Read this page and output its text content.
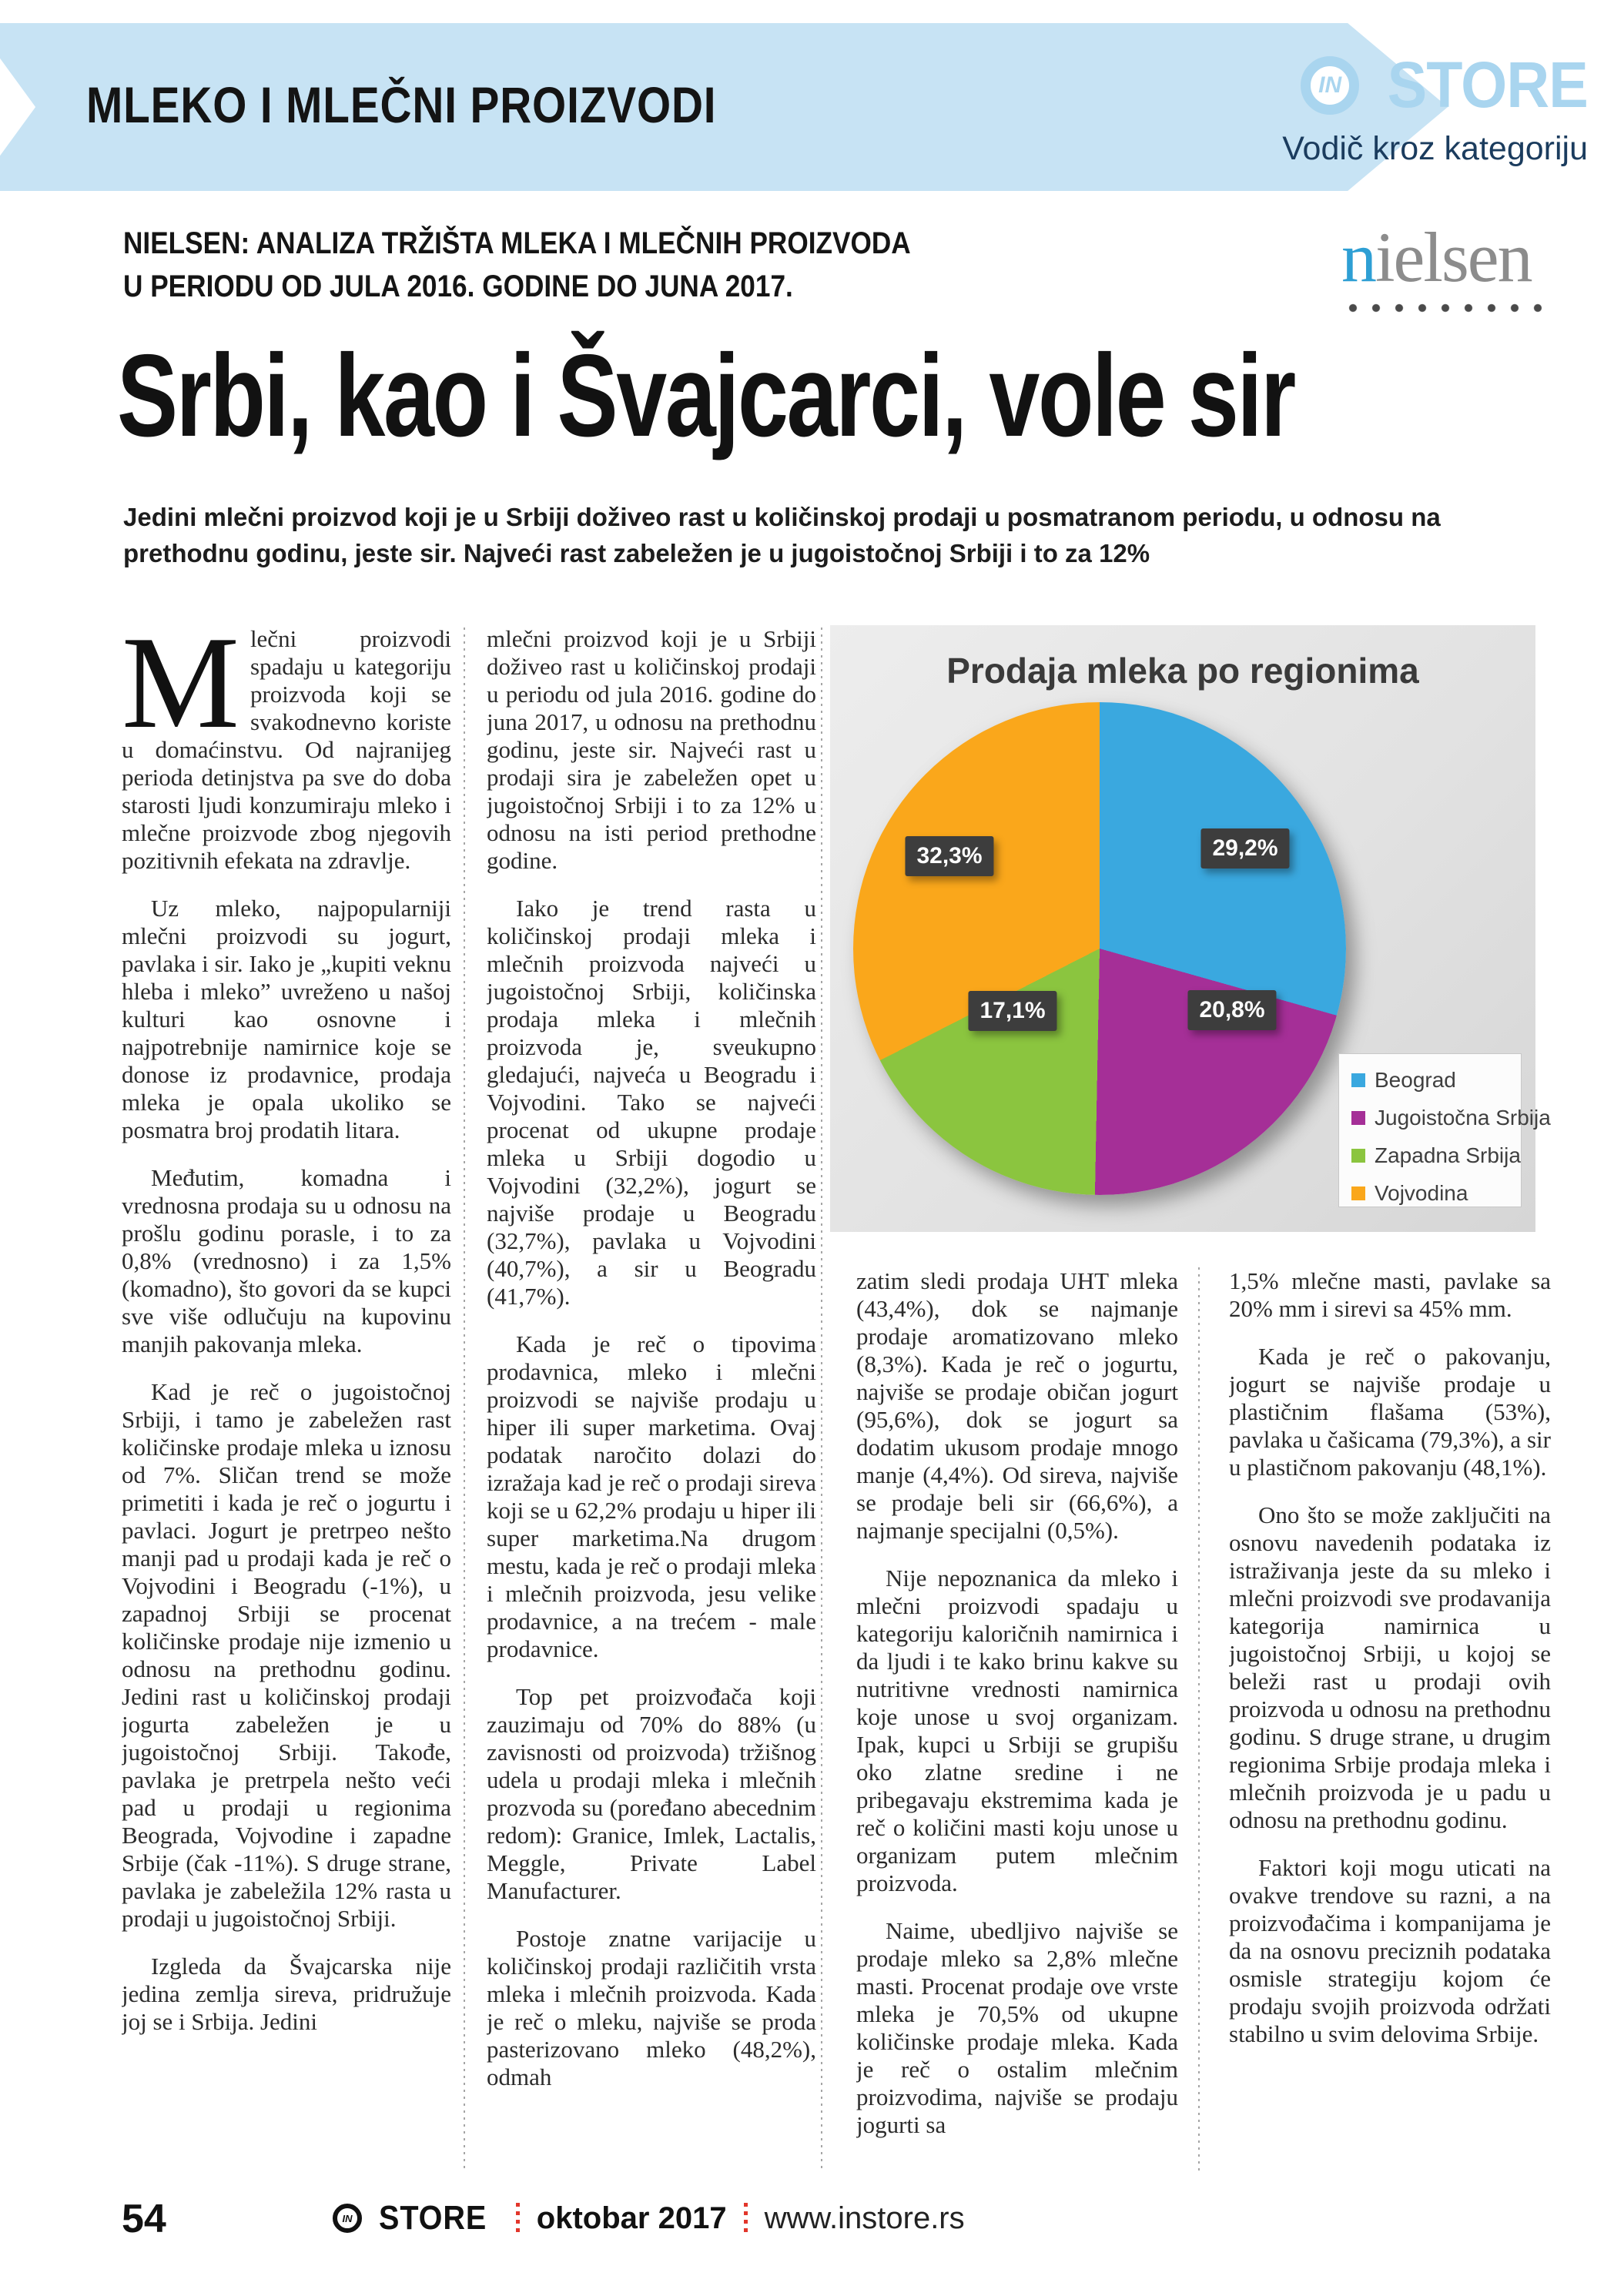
MLEKO I MLEČNI PROIZVODI	IN STORE
Vodič kroz kategoriju
NIELSEN: ANALIZA TRŽIŠTA MLEKA I MLEČNIH PROIZVODA
U PERIODU OD JULA 2016. GODINE DO JUNA 2017.	nielsen
Srbi, kao i Švajcarci, vole sir
Jedini mlečni proizvod koji je u Srbiji doživeo rast u količinskoj prodaji u posmatranom periodu, u odnosu na prethodnu godinu, jeste sir. Najveći rast zabeležen je u jugoistočnoj Srbiji i to za 12%

Mlečni proizvodi spadaju u kategoriju proizvoda koji se svakodnevno koriste u domaćinstvu. Od najranijeg perioda detinjstva pa sve do doba starosti ljudi konzumiraju mleko i mlečne proizvode zbog njegovih pozitivnih efekata na zdravlje.

Uz mleko, najpopularniji mlečni proizvodi su jogurt, pavlaka i sir. Iako je „kupiti veknu hleba i mleko” uvreženo u našoj kulturi kao osnovne i najpotrebnije namirnice koje se donose iz prodavnice, prodaja mleka je opala ukoliko se posmatra broj prodatih litara.

Međutim, komadna i vrednosna prodaja su u odnosu na prošlu godinu porasle, i to za 0,8% (vrednosno) i za 1,5% (komadno), što govori da se kupci sve više odlučuju na kupovinu manjih pakovanja mleka.

Kad je reč o jugoistočnoj Srbiji, i tamo je zabeležen rast količinske prodaje mleka u iznosu od 7%. Sličan trend se može primetiti i kada je reč o jogurtu i pavlaci. Jogurt je pretrpeo nešto manji pad u prodaji kada je reč o Vojvodini i Beogradu (-1%), u zapadnoj Srbiji se procenat količinske prodaje nije izmenio u odnosu na prethodnu godinu. Jedini rast u količinskoj prodaji jogurta zabeležen je u jugoistočnoj Srbiji. Takođe, pavlaka je pretrpela nešto veći pad u prodaji u regionima Beograda, Vojvodine i zapadne Srbije (čak -11%). S druge strane, pavlaka je zabeležila 12% rasta u prodaji u jugoistočnoj Srbiji.

Izgleda da Švajcarska nije jedina zemlja sireva, pridružuje joj se i Srbija. Jedini

mlečni proizvod koji je u Srbiji doživeo rast u količinskoj prodaji u periodu od jula 2016. godine do juna 2017, u odnosu na prethodnu godinu, jeste sir. Najveći rast u prodaji sira je zabeležen opet u jugoistočnoj Srbiji i to za 12% u odnosu na isti period prethodne godine.

Iako je trend rasta u količinskoj prodaji mleka i mlečnih proizvoda najveći u jugoistočnoj Srbiji, količinska prodaja mleka i mlečnih proizvoda je, sveukupno gledajući, najveća u Beogradu i Vojvodini. Tako se najveći procenat od ukupne prodaje mleka u Srbiji dogodio u Vojvodini (32,2%), jogurt se najviše prodaje u Beogradu (32,7%), pavlaka u Vojvodini (40,7%), a sir u Beogradu (41,7%).

Kada je reč o tipovima prodavnica, mleko i mlečni proizvodi se najviše prodaju u hiper ili super marketima. Ovaj podatak naročito dolazi do izražaja kad je reč o prodaji sireva koji se u 62,2% prodaju u hiper ili super marketima.Na drugom mestu, kada je reč o prodaji mleka i mlečnih proizvoda, jesu velike prodavnice, a na trećem - male prodavnice.

Top pet proizvođača koji zauzimaju od 70% do 88% (u zavisnosti od proizvoda) tržišnog udela u prodaji mleka i mlečnih prozvoda su (poređano abecednim redom): Granice, Imlek, Lactalis, Meggle, Private Label Manufacturer.

Postoje znatne varijacije u količinskoj prodaji različitih vrsta mleka i mlečnih proizvoda. Kada je reč o mleku, najviše se proda pasterizovano mleko (48,2%), odmah

zatim sledi prodaja UHT mleka (43,4%), dok se najmanje prodaje aromatizovano mleko (8,3%). Kada je reč o jogurtu, najviše se prodaje običan jogurt (95,6%), dok se jogurt sa dodatim ukusom prodaje mnogo manje (4,4%). Od sireva, najviše se prodaje beli sir (66,6%), a najmanje specijalni (0,5%).

Nije nepoznanica da mleko i mlečni proizvodi spadaju u kategoriju kaloričnih namirnica i da ljudi i te kako brinu kakve su nutritivne vrednosti namirnica koje unose u svoj organizam. Ipak, kupci u Srbiji se grupišu oko zlatne sredine i ne pribegavaju ekstremima kada je reč o količini masti koju unose u organizam putem mlečnim proizvoda.

Naime, ubedljivo najviše se prodaje mleko sa 2,8% mlečne masti. Procenat prodaje ove vrste mleka je 70,5% od ukupne količinske prodaje mleka. Kada je reč o ostalim mlečnim proizvodima, najviše se prodaju jogurti sa

1,5% mlečne masti, pavlake sa 20% mm i sirevi sa 45% mm.

Kada je reč o pakovanju, jogurt se najviše prodaje u plastičnim flašama (53%), pavlaka u čašicama (79,3%), a sir u plastičnom pakovanju (48,1%).

Ono što se može zaključiti na osnovu navedenih podataka iz istraživanja jeste da su mleko i mlečni proizvodi sve prodavanija kategorija namirnica u jugoistočnoj Srbiji, u kojoj se beleži rast u prodaji ovih proizvoda u odnosu na prethodnu godinu. S druge strane, u drugim regionima Srbije prodaja mleka i mlečnih proizvoda je u padu u odnosu na prethodnu godinu.

Faktori koji mogu uticati na ovakve trendove su razni, a na proizvođačima i kompanijama je da na osnovu preciznih podataka osmisle strategiju kojom će prodaju svojih proizvoda održati stabilno u svim delovima Srbije.

Prodaja mleka po regionima
29,2%
20,8%
17,1%
32,3%
Beograd
Jugoistočna Srbija
Zapadna Srbija
Vojvodina
54	IN STORE oktobar 2017 www.instore.rs
